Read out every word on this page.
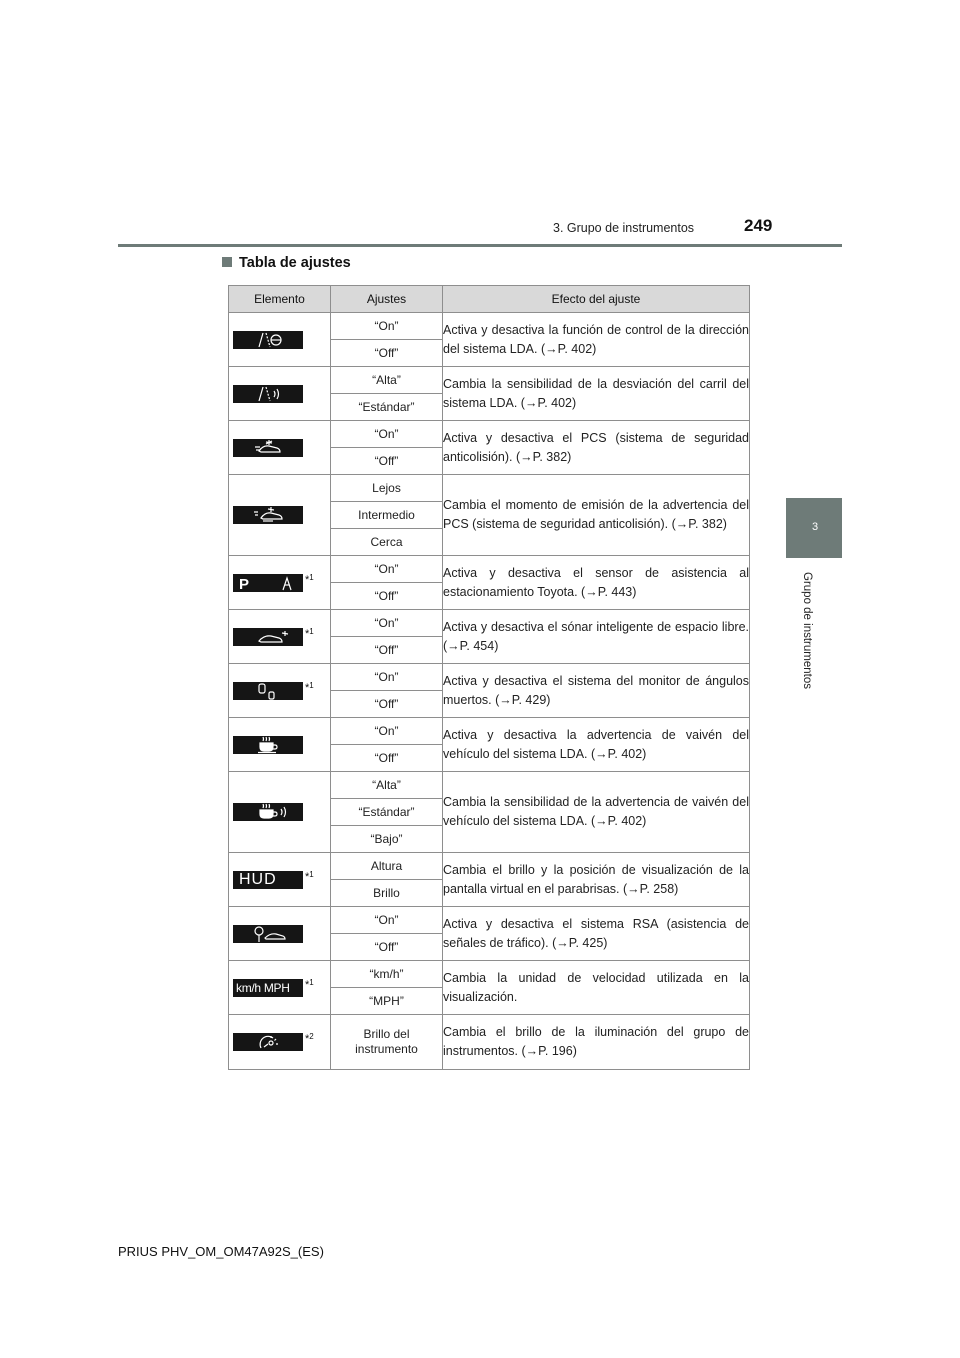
3. Grupo de instrumentos	249
3
Grupo de instrumentos
Tabla de ajustes
Elemento	Ajustes	Efecto del ajuste

	“On”	Activa y desactiva la función de control de la dirección del sistema LDA. (→P. 402)
	“Off”	

	“Alta”	Cambia la sensibilidad de la desviación del carril del sistema LDA. (→P. 402)
	“Estándar”	

	“On”	Activa y desactiva el PCS (sistema de seguridad anticolisión). (→P. 382)
	“Off”	

	Lejos	Cambia el momento de emisión de la advertencia del PCS (sistema de seguridad anticolisión). (→P. 382)
	Intermedio	
	Cerca	

P *$^1$	“On”	Activa y desactiva el sensor de asistencia al estacionamiento Toyota. (→P. 443)
	“Off”	

*$^1$	“On”	Activa y desactiva el sónar inteligente de espacio libre. (→P. 454)
	“Off”	

*$^1$	“On”	Activa y desactiva el sistema del monitor de ángulos muertos. (→P. 429)
	“Off”	

	“On”	Activa y desactiva la advertencia de vaivén del vehículo del sistema LDA. (→P. 402)
	“Off”	

	“Alta”	Cambia la sensibilidad de la advertencia de vaivén del vehículo del sistema LDA. (→P. 402)
	“Estándar”	
	“Bajo”	

HUD *$^1$	Altura	Cambia el brillo y la posición de visualización de la pantalla virtual en el parabrisas. (→P. 258)
	Brillo	

	“On”	Activa y desactiva el sistema RSA (asistencia de señales de tráfico). (→P. 425)
	“Off”	

km/h MPH *$^1$	“km/h”	Cambia la unidad de velocidad utilizada en la visualización.
	“MPH”	

*$^2$	Brillo del instrumento	Cambia el brillo de la iluminación del grupo de instrumentos. (→P. 196)
PRIUS PHV_OM_OM47A92S_(ES)
